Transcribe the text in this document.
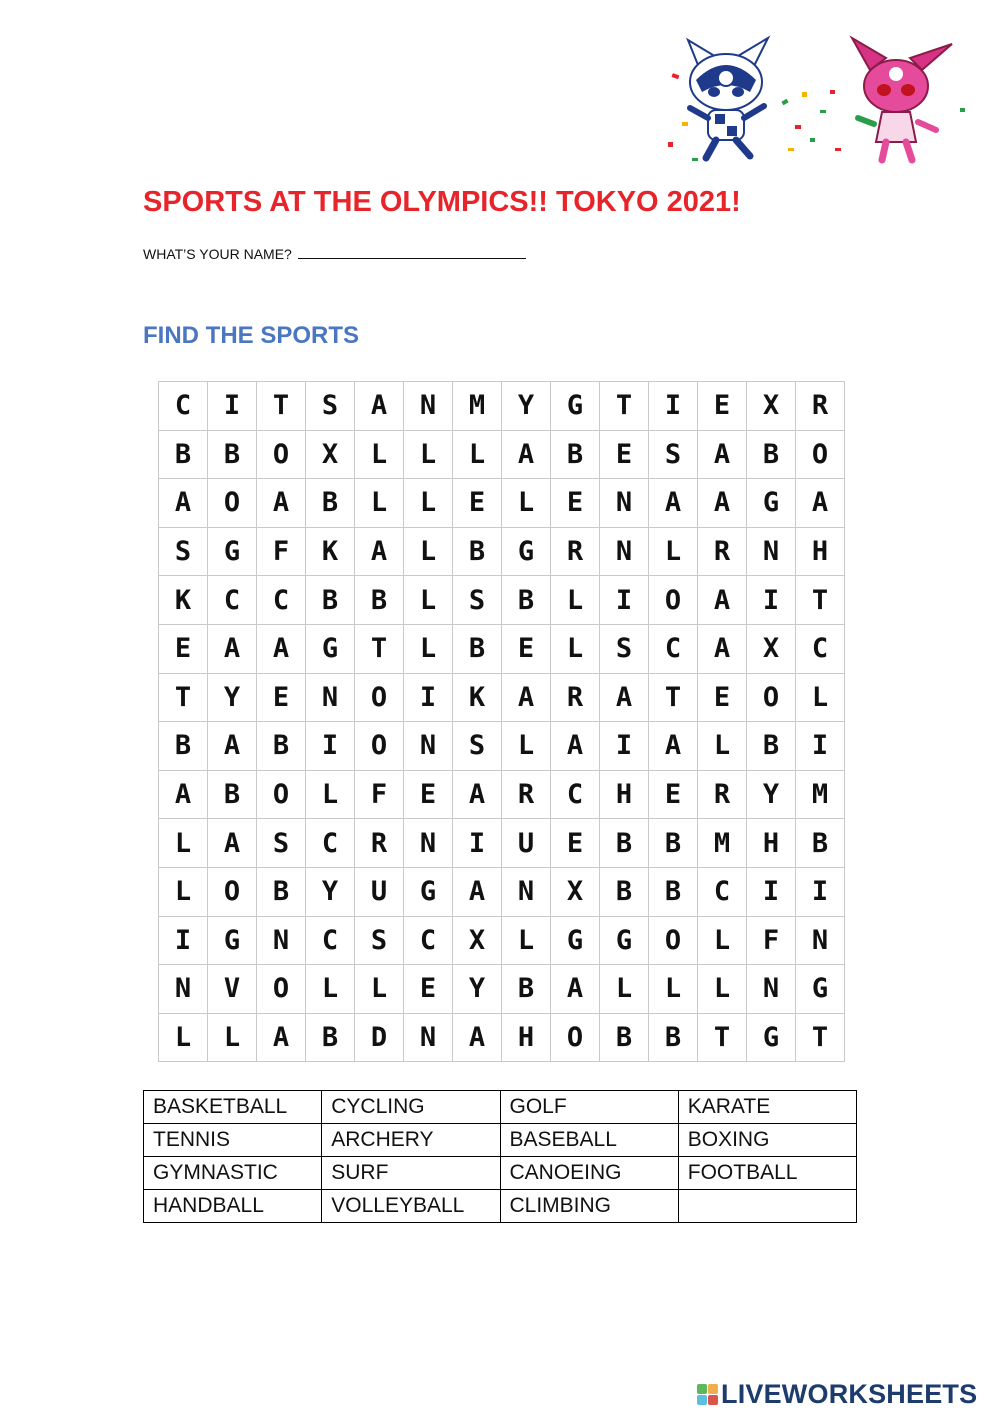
SPORTS AT THE OLYMPICS!! TOKYO 2021!
WHAT’S YOUR NAME?
FIND THE SPORTS
C	I	T	S	A	N	M	Y	G	T	I	E	X	R
B	B	O	X	L	L	L	A	B	E	S	A	B	O
A	O	A	B	L	L	E	L	E	N	A	A	G	A
S	G	F	K	A	L	B	G	R	N	L	R	N	H
K	C	C	B	B	L	S	B	L	I	O	A	I	T
E	A	A	G	T	L	B	E	L	S	C	A	X	C
T	Y	E	N	O	I	K	A	R	A	T	E	O	L
B	A	B	I	O	N	S	L	A	I	A	L	B	I
A	B	O	L	F	E	A	R	C	H	E	R	Y	M
L	A	S	C	R	N	I	U	E	B	B	M	H	B
L	O	B	Y	U	G	A	N	X	B	B	C	I	I
I	G	N	C	S	C	X	L	G	G	O	L	F	N
N	V	O	L	L	E	Y	B	A	L	L	L	N	G
L	L	A	B	D	N	A	H	O	B	B	T	G	T
BASKETBALL	CYCLING	GOLF	KARATE
TENNIS	ARCHERY	BASEBALL	BOXING
GYMNASTIC	SURF	CANOEING	FOOTBALL
HANDBALL	VOLLEYBALL	CLIMBING	
LIVEWORKSHEETS
